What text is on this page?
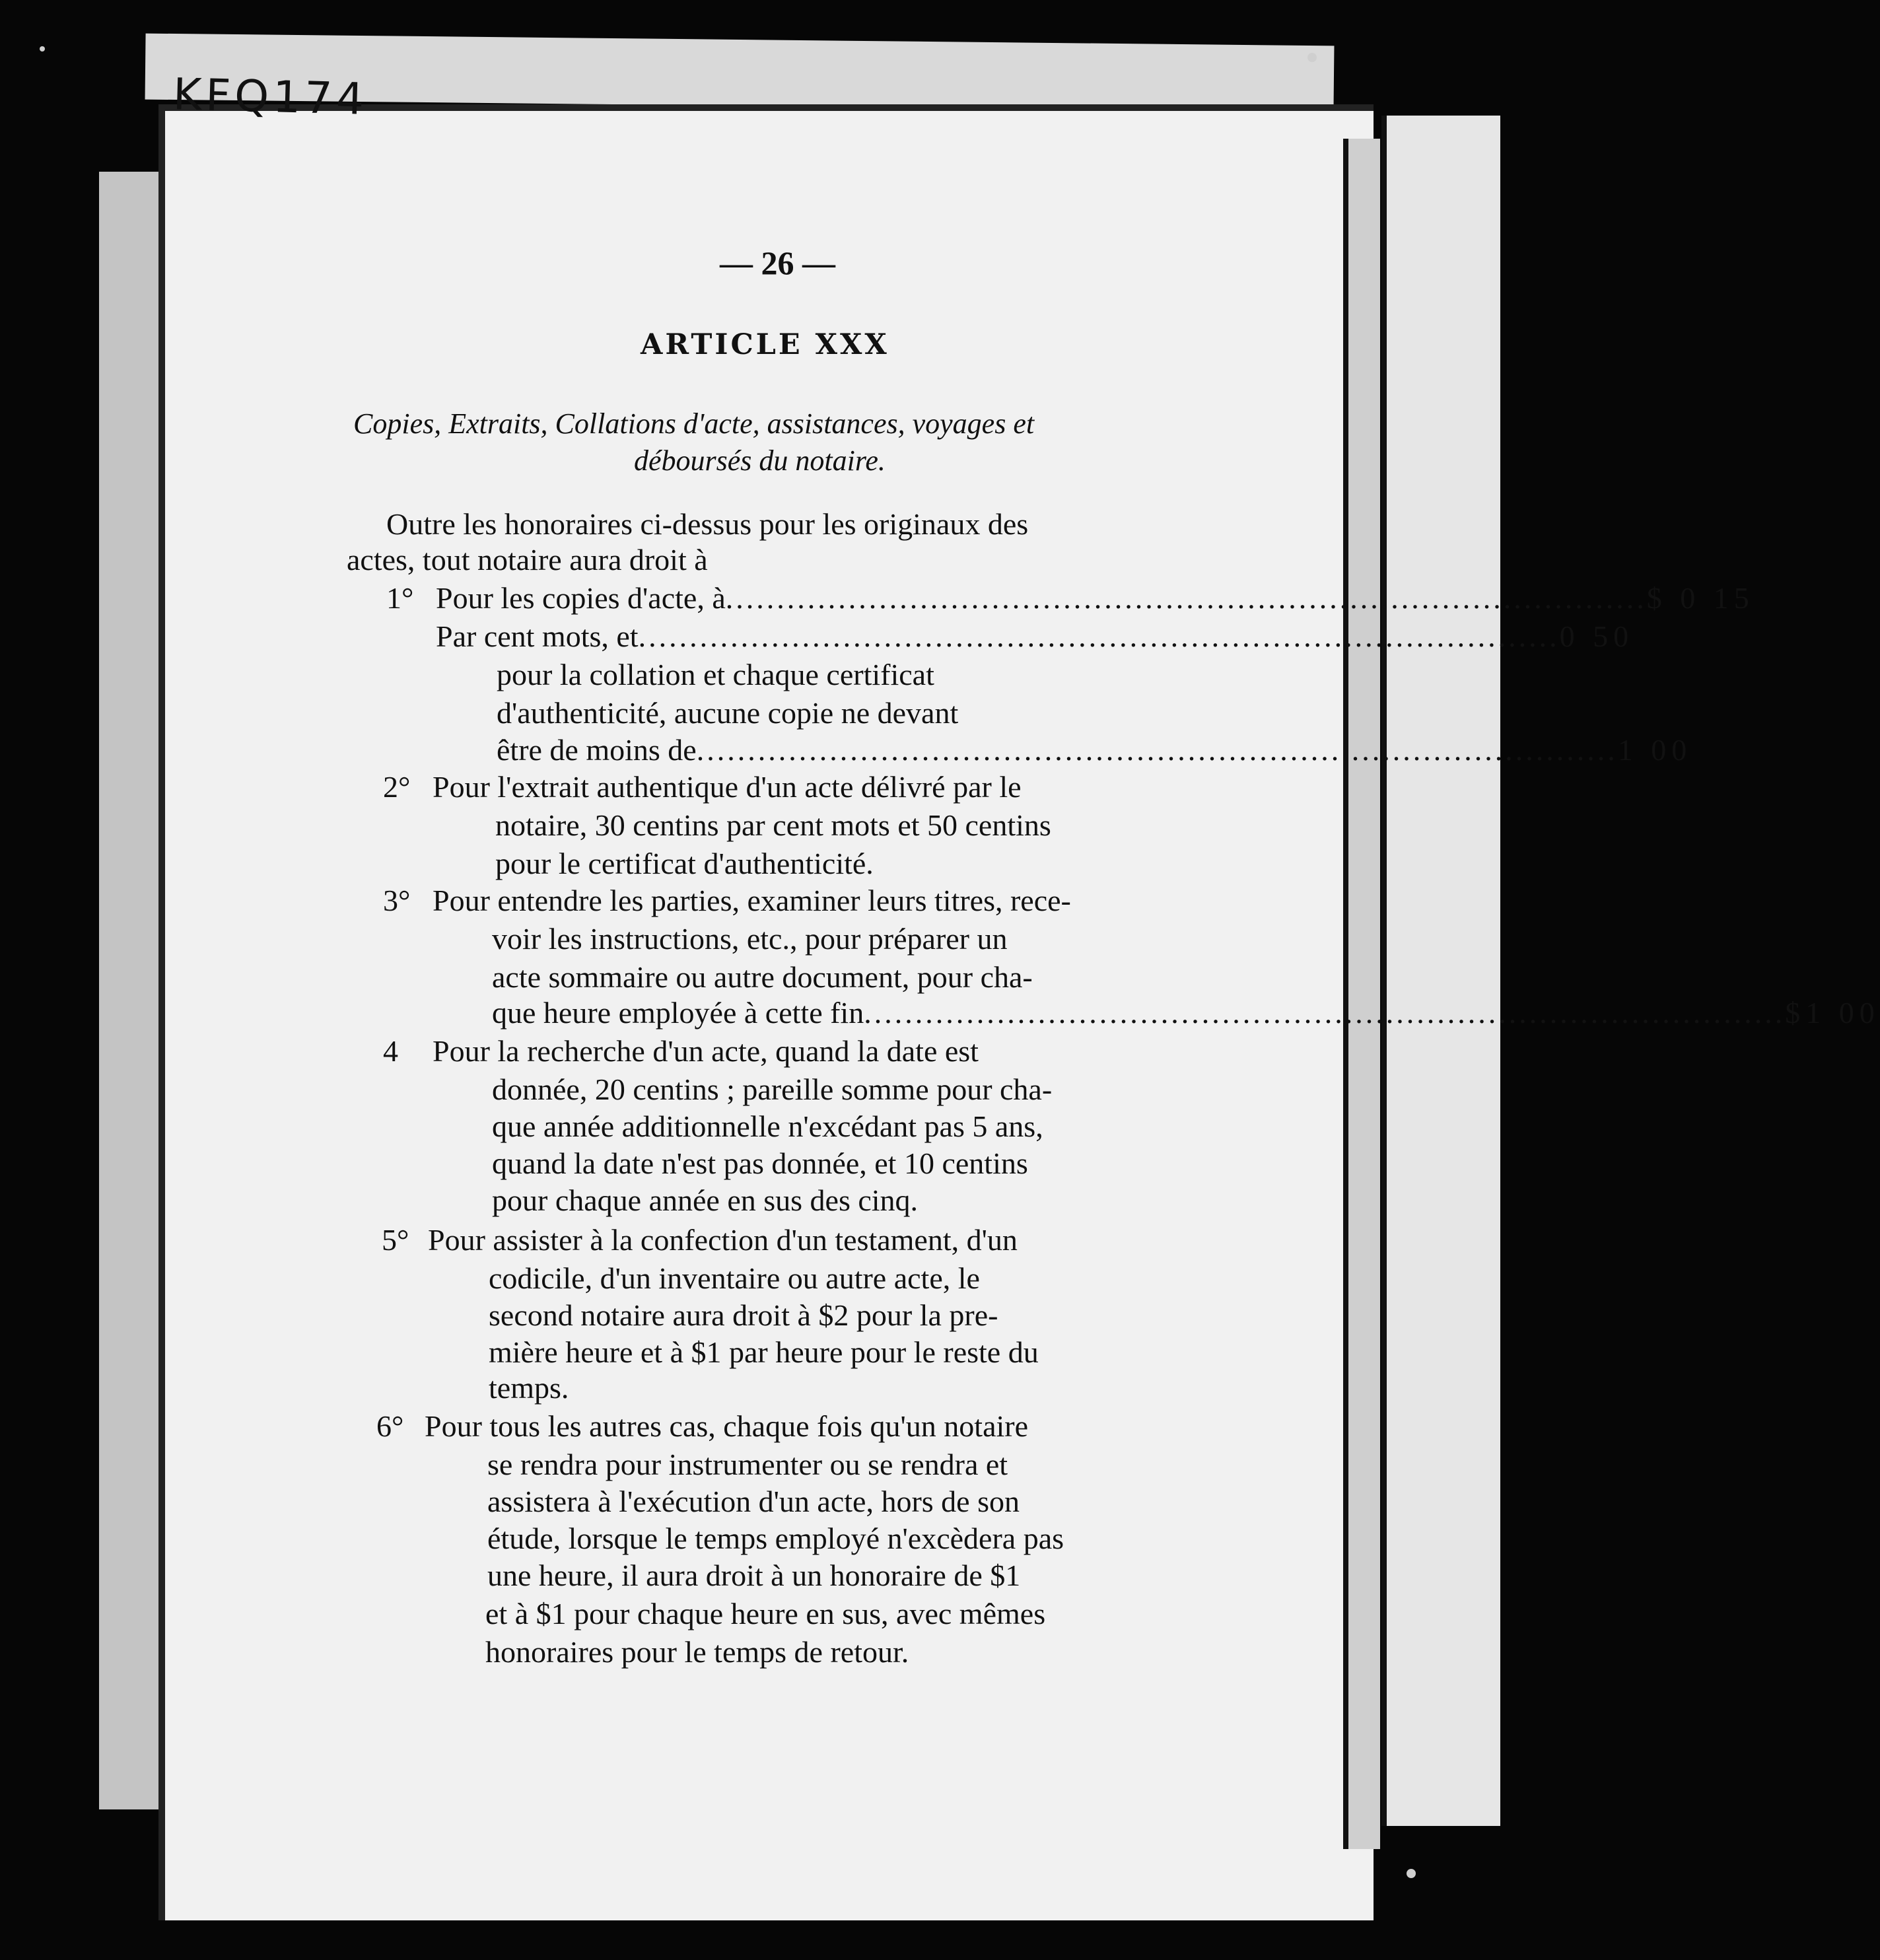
KFQ174
— 26 —
ARTICLE XXX
Copies, Extraits, Collations d'acte, assistances, voyages et
déboursés du notaire.
Outre les honoraires ci-dessus pour les originaux des
actes, tout notaire aura droit à
1° Pour les copies d'acte, à .......................................................................................... $ 0 15
Par cent mots, et .......................................................................................... 0 50
pour la collation et chaque certificat
d'authenticité, aucune copie ne devant
être de moins de .......................................................................................... 1 00
2° Pour l'extrait authentique d'un acte délivré par le
notaire, 30 centins par cent mots et 50 centins
pour le certificat d'authenticité.
3° Pour entendre les parties, examiner leurs titres, rece-
voir les instructions, etc., pour préparer un
acte sommaire ou autre document, pour cha-
que heure employée à cette fin .......................................................................................... $1 00
4 Pour la recherche d'un acte, quand la date est
donnée, 20 centins ; pareille somme pour cha-
que année additionnelle n'excédant pas 5 ans,
quand la date n'est pas donnée, et 10 centins
pour chaque année en sus des cinq.
5° Pour assister à la confection d'un testament, d'un
codicile, d'un inventaire ou autre acte, le
second notaire aura droit à $2 pour la pre-
mière heure et à $1 par heure pour le reste du
temps.
6° Pour tous les autres cas, chaque fois qu'un notaire
se rendra pour instrumenter ou se rendra et
assistera à l'exécution d'un acte, hors de son
étude, lorsque le temps employé n'excèdera pas
une heure, il aura droit à un honoraire de $1
et à $1 pour chaque heure en sus, avec mêmes
honoraires pour le temps de retour.
